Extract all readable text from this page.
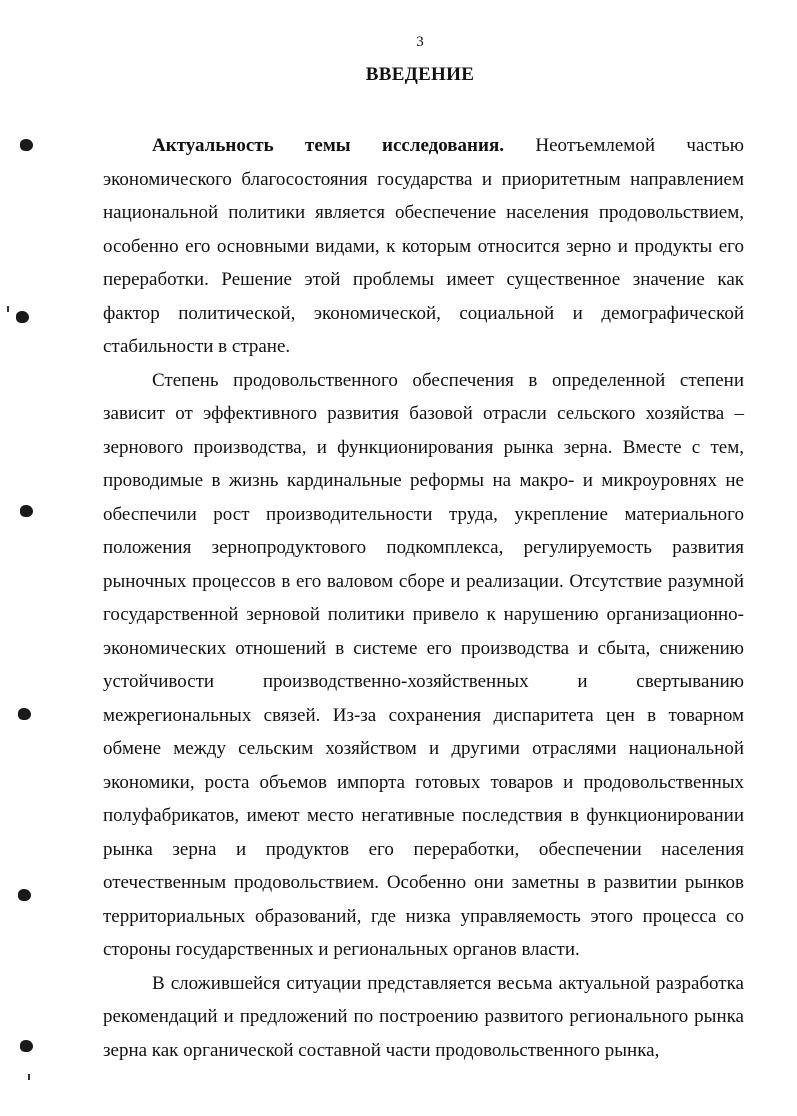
3
ВВЕДЕНИЕ

Актуальность темы исследования. Неотъемлемой частью экономического благосостояния государства и приоритетным направлением национальной политики является обеспечение населения продовольствием, особенно его основными видами, к которым относится зерно и продукты его переработки. Решение этой проблемы имеет существенное значение как фактор политической, экономической, социальной и демографической стабильности в стране.

Степень продовольственного обеспечения в определенной степени зависит от эффективного развития базовой отрасли сельского хозяйства – зернового производства, и функционирования рынка зерна. Вместе с тем, проводимые в жизнь кардинальные реформы на макро- и микроуровнях не обеспечили рост производительности труда, укрепление материального положения зернопродуктового подкомплекса, регулируемость развития рыночных процессов в его валовом сборе и реализации. Отсутствие разумной государственной зерновой политики привело к нарушению организационно-экономических отношений в системе его производства и сбыта, снижению устойчивости производственно-хозяйственных и свертыванию межрегиональных связей. Из-за сохранения диспаритета цен в товарном обмене между сельским хозяйством и другими отраслями национальной экономики, роста объемов импорта готовых товаров и продовольственных полуфабрикатов, имеют место негативные последствия в функционировании рынка зерна и продуктов его переработки, обеспечении населения отечественным продовольствием. Особенно они заметны в развитии рынков территориальных образований, где низка управляемость этого процесса со стороны государственных и региональных органов власти.

В сложившейся ситуации представляется весьма актуальной разработка рекомендаций и предложений по построению развитого регионального рынка зерна как органической составной части продовольственного рынка,
